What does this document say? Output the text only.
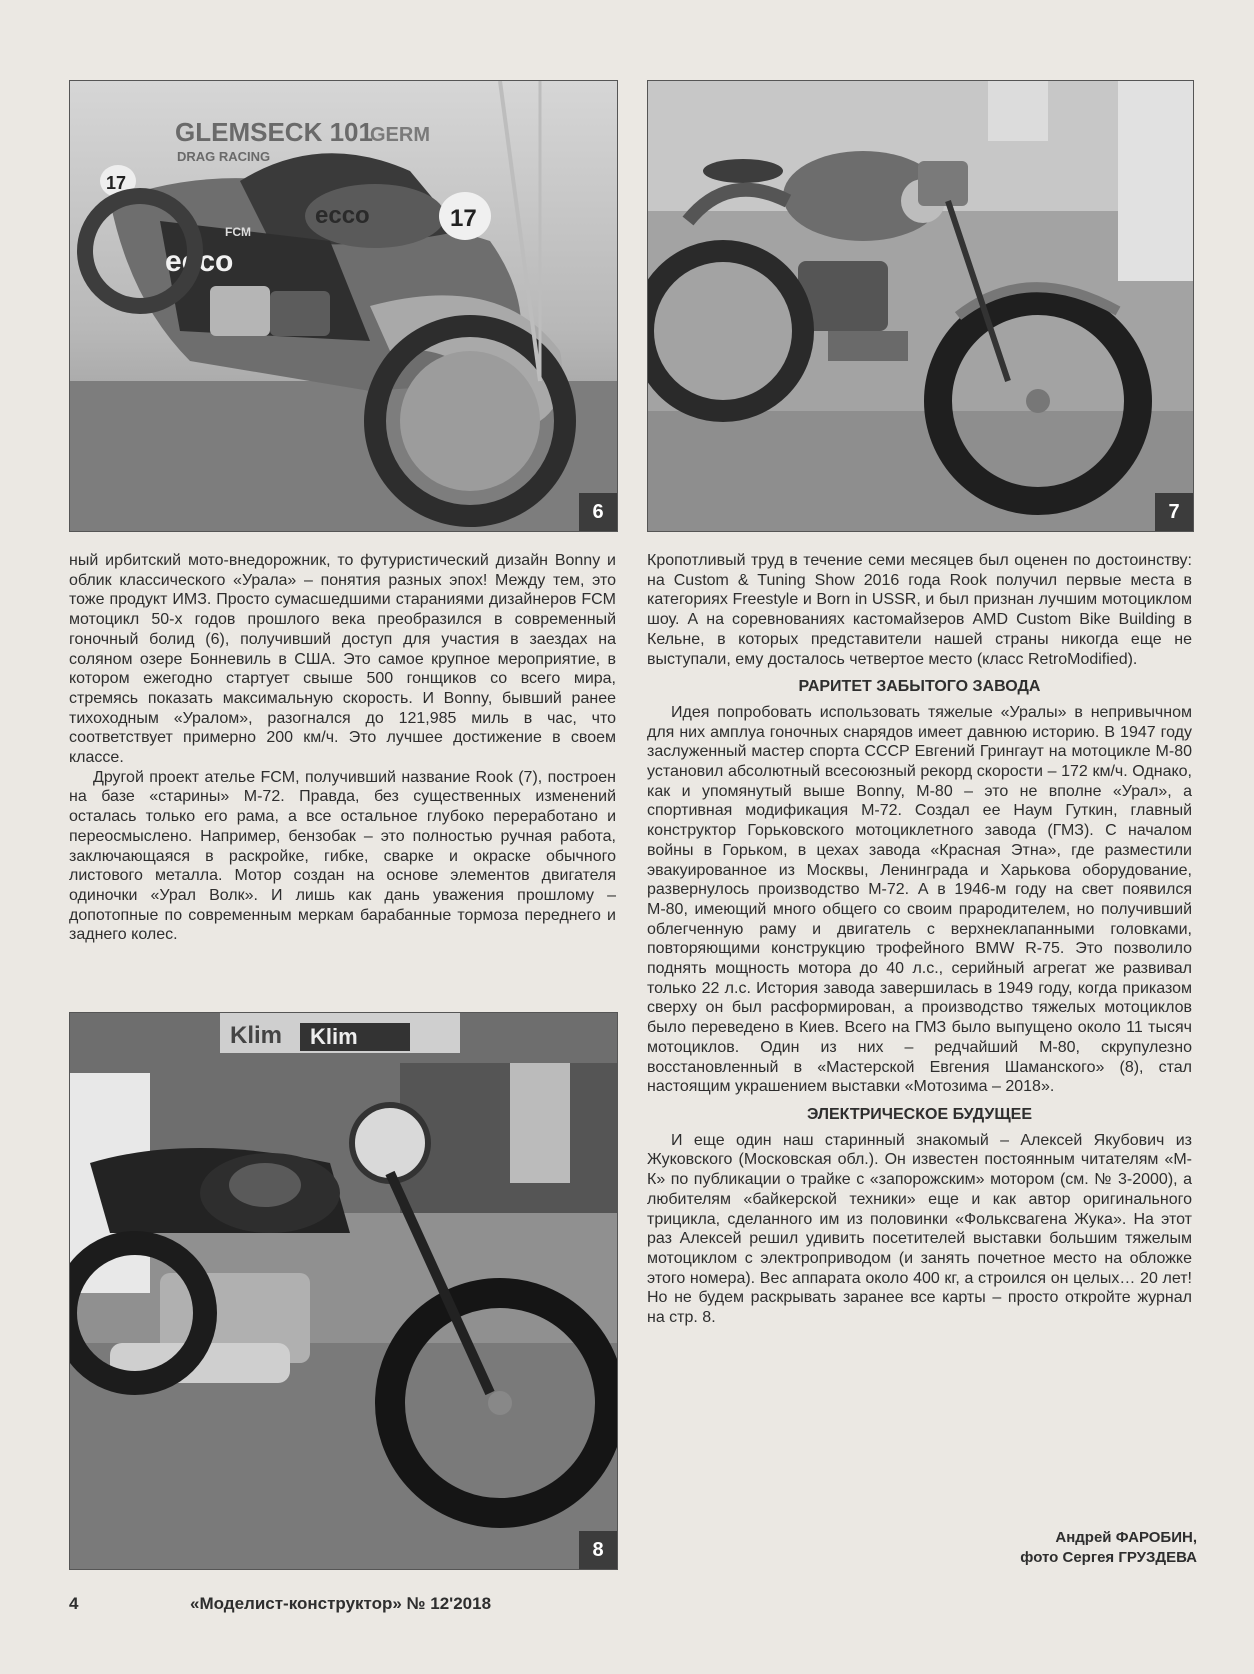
GLEMSECK 101
GERM
DRAG RACING
ecco
ecco
FCM	17
17
6	7
Klim Klim
8

ный ирбитский мото-внедорожник, то футуристический дизайн Bonny и облик классического «Урала» – понятия разных эпох! Между тем, это тоже продукт ИМЗ. Просто сумасшедшими стараниями дизайнеров FCM мотоцикл 50-х годов прошлого века преобразился в современный гоночный болид (6), получивший доступ для участия в заездах на соляном озере Бонневиль в США. Это самое крупное мероприятие, в котором ежегодно стартует свыше 500 гонщиков со всего мира, стремясь показать максимальную скорость. И Bonny, бывший ранее тихоходным «Уралом», разогнался до 121,985 миль в час, что соответствует примерно 200 км/ч. Это лучшее достижение в своем классе.

Другой проект ателье FCM, получивший название Rook (7), построен на базе «старины» М-72. Правда, без существенных изменений осталась только его рама, а все остальное глубоко переработано и переосмыслено. Например, бензобак – это полностью ручная работа, заключающаяся в раскройке, гибке, сварке и окраске обычного листового металла. Мотор создан на основе элементов двигателя одиночки «Урал Волк». И лишь как дань уважения прошлому – допотопные по современным меркам барабанные тормоза переднего и заднего колес.

Кропотливый труд в течение семи месяцев был оценен по достоинству: на Custom & Tuning Show 2016 года Rook получил первые места в категориях Freestyle и Born in USSR, и был признан лучшим мотоциклом шоу. А на соревнованиях кастомайзеров AMD Custom Bike Building в Кельне, в которых представители нашей страны никогда еще не выступали, ему досталось четвертое место (класс RetroModified).

РАРИТЕТ ЗАБЫТОГО ЗАВОДА

Идея попробовать использовать тяжелые «Уралы» в непривычном для них амплуа гоночных снарядов имеет давнюю историю. В 1947 году заслуженный мастер спорта СССР Евгений Грингаут на мотоцикле М-80 установил абсолютный всесоюзный рекорд скорости – 172 км/ч. Однако, как и упомянутый выше Bonny, М-80 – это не вполне «Урал», а спортивная модификация М-72. Создал ее Наум Гуткин, главный конструктор Горьковского мотоциклетного завода (ГМЗ). С началом войны в Горьком, в цехах завода «Красная Этна», где разместили эвакуированное из Москвы, Ленинграда и Харькова оборудование, развернулось производство М-72. А в 1946-м году на свет появился М-80, имеющий много общего со своим прародителем, но получивший облегченную раму и двигатель с верхнеклапанными головками, повторяющими конструкцию трофейного BMW R-75. Это позволило поднять мощность мотора до 40 л.с., серийный агрегат же развивал только 22 л.с. История завода завершилась в 1949 году, когда приказом сверху он был расформирован, а производство тяжелых мотоциклов было переведено в Киев. Всего на ГМЗ было выпущено около 11 тысяч мотоциклов. Один из них – редчайший М-80, скрупулезно восстановленный в «Мастерской Евгения Шаманского» (8), стал настоящим украшением выставки «Мотозима – 2018».

ЭЛЕКТРИЧЕСКОЕ БУДУЩЕЕ

И еще один наш старинный знакомый – Алексей Якубович из Жуковского (Московская обл.). Он известен постоянным читателям «М-К» по публикации о трайке с «запорожским» мотором (см. № 3-2000), а любителям «байкерской техники» еще и как автор оригинального трицикла, сделанного им из половинки «Фольксвагена Жука». На этот раз Алексей решил удивить посетителей выставки большим тяжелым мотоциклом с электроприводом (и занять почетное место на обложке этого номера). Вес аппарата около 400 кг, а строился он целых… 20 лет! Но не будем раскрывать заранее все карты – просто откройте журнал на стр. 8.

Андрей ФАРОБИН,
фото Сергея ГРУЗДЕВА
4	«Моделист-конструктор» № 12'2018
